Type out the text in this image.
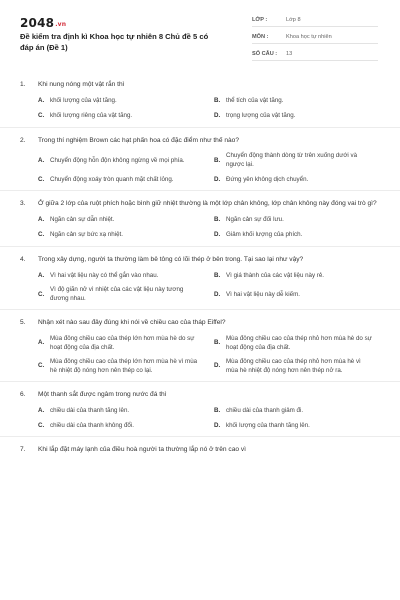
2048.vn
Đề kiểm tra định kì Khoa học tự nhiên 8 Chủ đề 5 có đáp án (Đề 1)
LỚP :	Lớp 8
MÔN :	Khoa học tự nhiên
SỐ CÂU : 13
1.	Khi nung nóng một vật rắn thì
A. khối lượng của vật tăng.	B. thể tích của vật tăng.
C. khối lượng riêng của vật tăng.	D. trọng lượng của vật tăng.
2.	Trong thí nghiệm Brown các hạt phấn hoa có đặc điểm như thế nào?
A. Chuyển động hỗn độn không ngừng về mọi phía.	B.
Chuyển động thành dòng từ trên xuống dưới và ngược lại.
C. Chuyển động xoáy tròn quanh mặt chất lỏng.	D. Đứng yên không dịch chuyển.
3.	Ở giữa 2 lớp của ruột phích hoặc bình giữ nhiệt thường là một lớp chân không, lớp chân không này đóng vai trò gì?
A. Ngăn cản sự dẫn nhiệt.	B. Ngăn cản sự đối lưu.
C. Ngăn cản sự bức xạ nhiệt.	D. Giảm khối lượng của phích.
4.	Trong xây dựng, người ta thường làm bê tông có lõi thép ở bên trong. Tại sao lại như vậy?
A. Vì hai vật liệu này có thể gắn vào nhau.	B. Vì giá thành của các vật liệu này rẻ.
C.
Vì độ giãn nở vì nhiệt của các vật liệu này tương đương nhau.
D. Vì hai vật liệu này dễ kiếm.
5.	Nhận xét nào sau đây đúng khi nói về chiều cao của tháp Eiffel?
A.
Mùa đông chiều cao của thép lớn hơn mùa hè do sự hoạt động của địa chất.
B.
Mùa đông chiều cao của thép nhỏ hơn mùa hè do sự hoạt động của địa chất.
C.
Mùa đông chiều cao của thép lớn hơn mùa hè vì mùa hè nhiệt độ nóng hơn nên thép co lại.
D.
Mùa đông chiều cao của thép nhỏ hơn mùa hè vì mùa hè nhiệt độ nóng hơn nên thép nở ra.
6.	Một thanh sắt được ngâm trong nước đá thì
A. chiều dài của thanh tăng lên.	B. chiều dài của thanh giảm đi.
C. chiều dài của thanh không đổi.	D. khối lượng của thanh tăng lên.
7.	Khi lắp đặt máy lạnh của điều hoà người ta thường lắp nó ở trên cao vì
